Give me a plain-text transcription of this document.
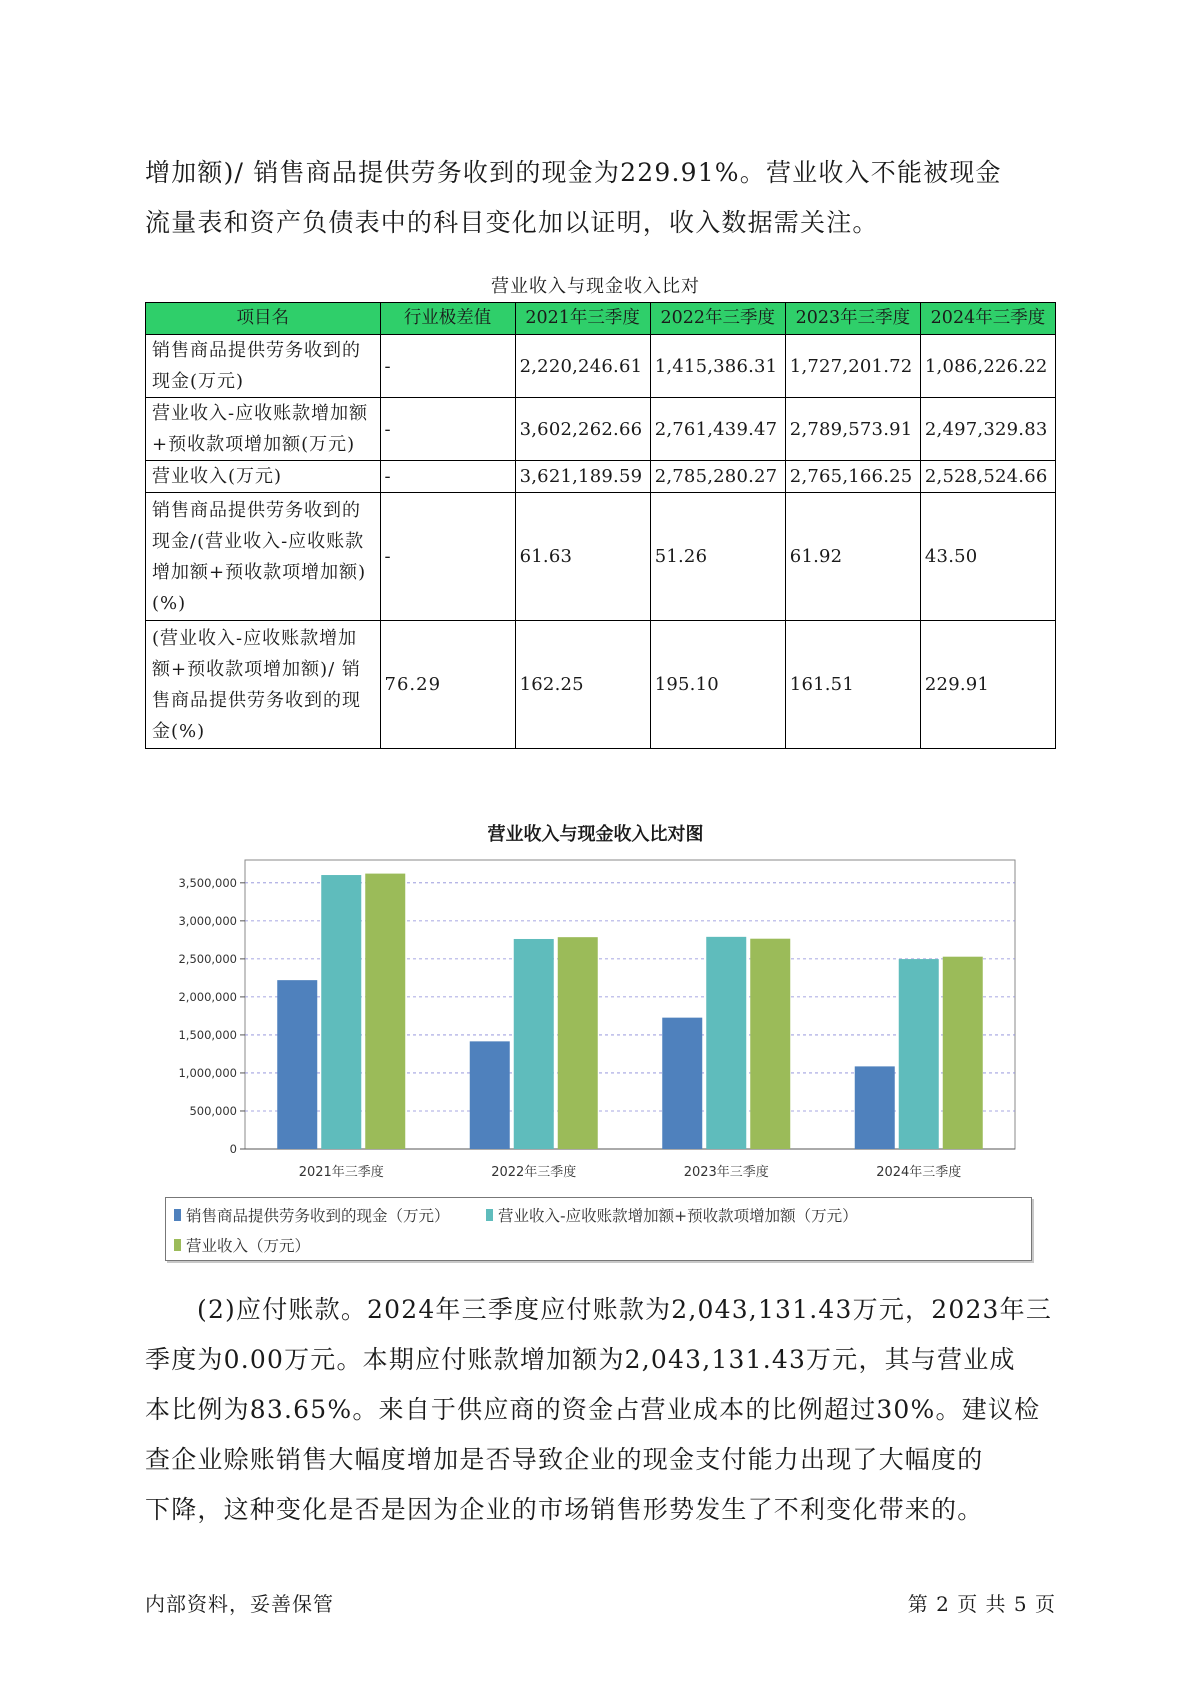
增加额)/ 销售商品提供劳务收到的现金为229.91%。营业收入不能被现金

流量表和资产负债表中的科目变化加以证明，收入数据需关注。

营业收入与现金收入比对
项目名	行业极差值	2021年三季度	2022年三季度	2023年三季度	2024年三季度
销售商品提供劳务收到的现金(万元)	-	2,220,246.61	1,415,386.31	1,727,201.72	1,086,226.22
营业收入-应收账款增加额+预收款项增加额(万元)	-	3,602,262.66	2,761,439.47	2,789,573.91	2,497,329.83
营业收入(万元)	-	3,621,189.59	2,785,280.27	2,765,166.25	2,528,524.66
销售商品提供劳务收到的现金/(营业收入-应收账款增加额+预收款项增加额)(%)	-	61.63	51.26	61.92	43.50
(营业收入-应收账款增加额+预收款项增加额)/ 销售商品提供劳务收到的现金(%)	76.29	162.25	195.10	161.51	229.91
营业收入与现金收入比对图
0
500,000
1,000,000
1,500,000
2,000,000
2,500,000
3,000,000
3,500,000
2021年三季度	2022年三季度	2023年三季度	2024年三季度
销售商品提供劳务收到的现金（万元）	营业收入-应收账款增加额+预收款项增加额（万元）
营业收入（万元）

(2)应付账款。2024年三季度应付账款为2,043,131.43万元，2023年三

季度为0.00万元。本期应付账款增加额为2,043,131.43万元，其与营业成

本比例为83.65%。来自于供应商的资金占营业成本的比例超过30%。建议检

查企业赊账销售大幅度增加是否导致企业的现金支付能力出现了大幅度的

下降，这种变化是否是因为企业的市场销售形势发生了不利变化带来的。

内部资料，妥善保管	第 2 页 共 5 页
